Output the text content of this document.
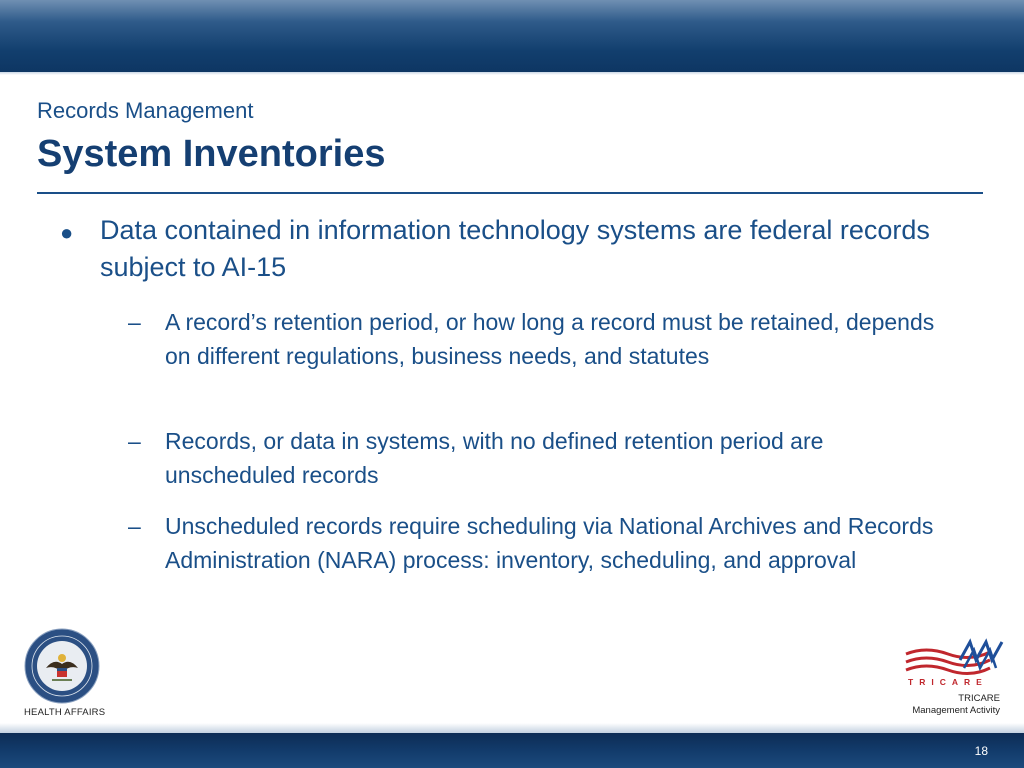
Records Management
System Inventories
● Data contained in information technology systems are federal records subject to AI-15
– A record’s retention period, or how long a record must be retained, depends on different regulations, business needs, and statutes
– Records, or data in systems, with no defined retention period are unscheduled records
– Unscheduled records require scheduling via National Archives and Records Administration (NARA) process: inventory, scheduling, and approval
HEALTH AFFAIRS
TRICARE
TRICARE
Management Activity
18
